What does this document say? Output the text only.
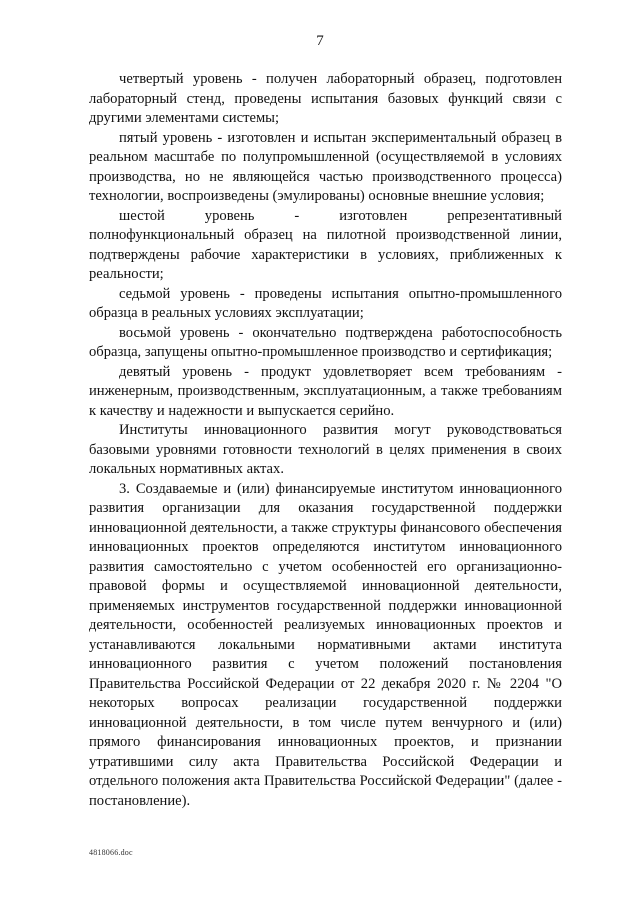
7

четвертый уровень - получен лабораторный образец, подготовлен лабораторный стенд, проведены испытания базовых функций связи с другими элементами системы;

пятый уровень - изготовлен и испытан экспериментальный образец в реальном масштабе по полупромышленной (осуществляемой в условиях производства, но не являющейся частью производственного процесса) технологии, воспроизведены (эмулированы) основные внешние условия;

шестой уровень - изготовлен репрезентативный полнофункциональный образец на пилотной производственной линии, подтверждены рабочие характеристики в условиях, приближенных к реальности;

седьмой уровень - проведены испытания опытно-промышленного образца в реальных условиях эксплуатации;

восьмой уровень - окончательно подтверждена работоспособность образца, запущены опытно-промышленное производство и сертификация;

девятый уровень - продукт удовлетворяет всем требованиям - инженерным, производственным, эксплуатационным, а также требованиям к качеству и надежности и выпускается серийно.

Институты инновационного развития могут руководствоваться базовыми уровнями готовности технологий в целях применения в своих локальных нормативных актах.

3. Создаваемые и (или) финансируемые институтом инновационного развития организации для оказания государственной поддержки инновационной деятельности, а также структуры финансового обеспечения инновационных проектов определяются институтом инновационного развития самостоятельно с учетом особенностей его организационно-правовой формы и осуществляемой инновационной деятельности, применяемых инструментов государственной поддержки инновационной деятельности, особенностей реализуемых инновационных проектов и устанавливаются локальными нормативными актами института инновационного развития с учетом положений постановления Правительства Российской Федерации от 22 декабря 2020 г. № 2204 "О некоторых вопросах реализации государственной поддержки инновационной деятельности, в том числе путем венчурного и (или) прямого финансирования инновационных проектов, и признании утратившими силу акта Правительства Российской Федерации и отдельного положения акта Правительства Российской Федерации" (далее - постановление).

4818066.doc
